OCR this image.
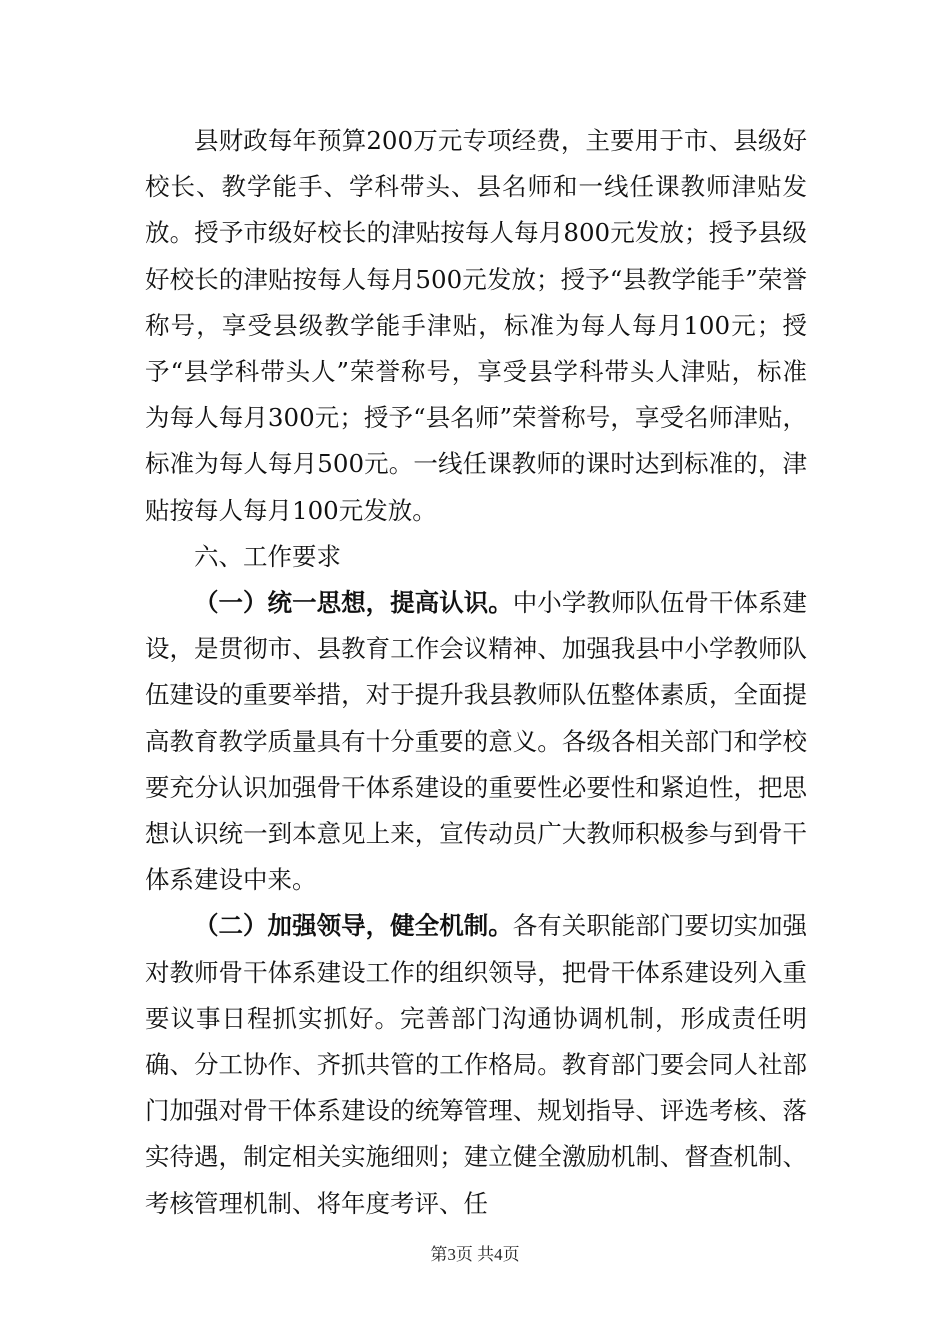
县财政每年预算200万元专项经费，主要用于市、县级好校长、教学能手、学科带头、县名师和一线任课教师津贴发放。授予市级好校长的津贴按每人每月800元发放；授予县级好校长的津贴按每人每月500元发放；授予“县教学能手”荣誉称号，享受县级教学能手津贴，标准为每人每月100元；授予“县学科带头人”荣誉称号，享受县学科带头人津贴，标准为每人每月300元；授予“县名师”荣誉称号，享受名师津贴，标准为每人每月500元。一线任课教师的课时达到标准的，津贴按每人每月100元发放。

六、工作要求

（一）统一思想，提高认识。中小学教师队伍骨干体系建设，是贯彻市、县教育工作会议精神、加强我县中小学教师队伍建设的重要举措，对于提升我县教师队伍整体素质，全面提高教育教学质量具有十分重要的意义。各级各相关部门和学校要充分认识加强骨干体系建设的重要性必要性和紧迫性，把思想认识统一到本意见上来，宣传动员广大教师积极参与到骨干体系建设中来。

（二）加强领导，健全机制。各有关职能部门要切实加强对教师骨干体系建设工作的组织领导，把骨干体系建设列入重要议事日程抓实抓好。完善部门沟通协调机制，形成责任明确、分工协作、齐抓共管的工作格局。教育部门要会同人社部门加强对骨干体系建设的统筹管理、规划指导、评选考核、落实待遇，制定相关实施细则；建立健全激励机制、督查机制、考核管理机制、将年度考评、任

第3页 共4页
